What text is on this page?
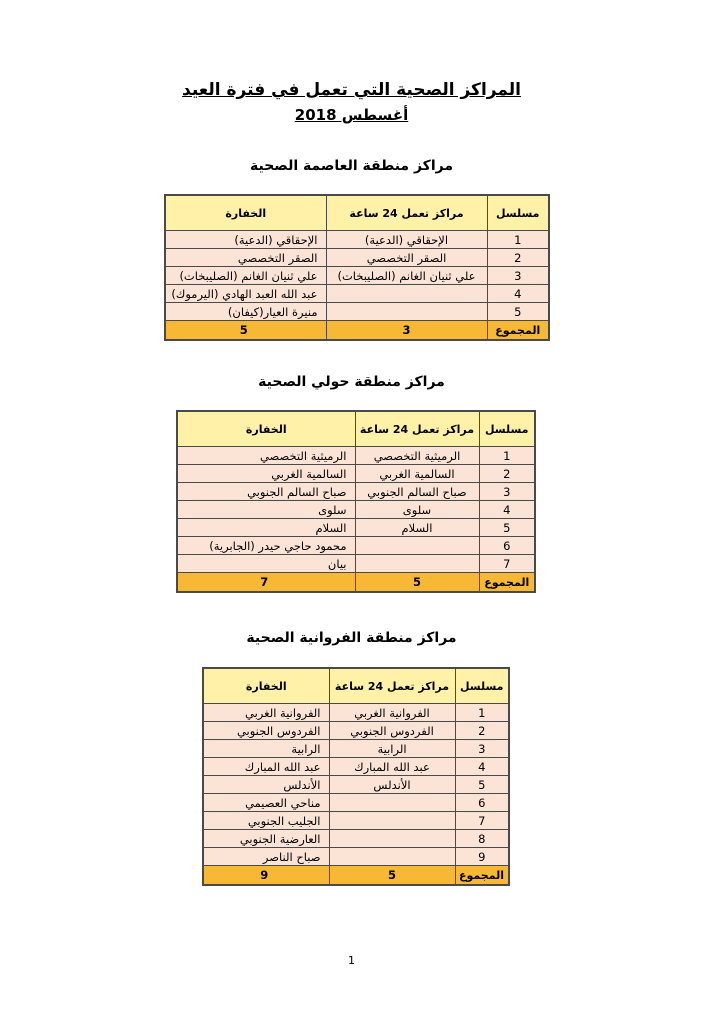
المراكز الصحية التي تعمل في فترة العيد
أغسطس 2018
مراكز منطقة العاصمة الصحية
مسلسل	مراكز تعمل 24 ساعة	الخفارة
1	الإحقاقي (الدعية)	الإحقاقي (الدعية)
2	الصقر التخصصي	الصقر التخصصي
3	علي ثنيان الغانم (الصليبخات)	علي ثنيان الغانم (الصليبخات)
4		عبد الله العبد الهادي (اليرموك)
5		منيرة العيار(كيفان)
المجموع	3	5
مراكز منطقة حولي الصحية
مسلسل	مراكز تعمل 24 ساعة	الخفارة
1	الرميثية التخصصي	الرميثية التخصصي
2	السالمية الغربي	السالمية الغربي
3	صباح السالم الجنوبي	صباح السالم الجنوبي
4	سلوى	سلوى
5	السلام	السلام
6		محمود حاجي حيدر (الجابرية)
7		بيان
المجموع	5	7
مراكز منطقة الفروانية الصحية
مسلسل	مراكز تعمل 24 ساعة	الخفارة
1	الفروانية الغربي	الفروانية الغربي
2	الفردوس الجنوبي	الفردوس الجنوبي
3	الرابية	الرابية
4	عبد الله المبارك	عبد الله المبارك
5	الأندلس	الأندلس
6		مناحي العصيمي
7		الجليب الجنوبي
8		العارضية الجنوبي
9		صباح الناصر
المجموع	5	9
1
